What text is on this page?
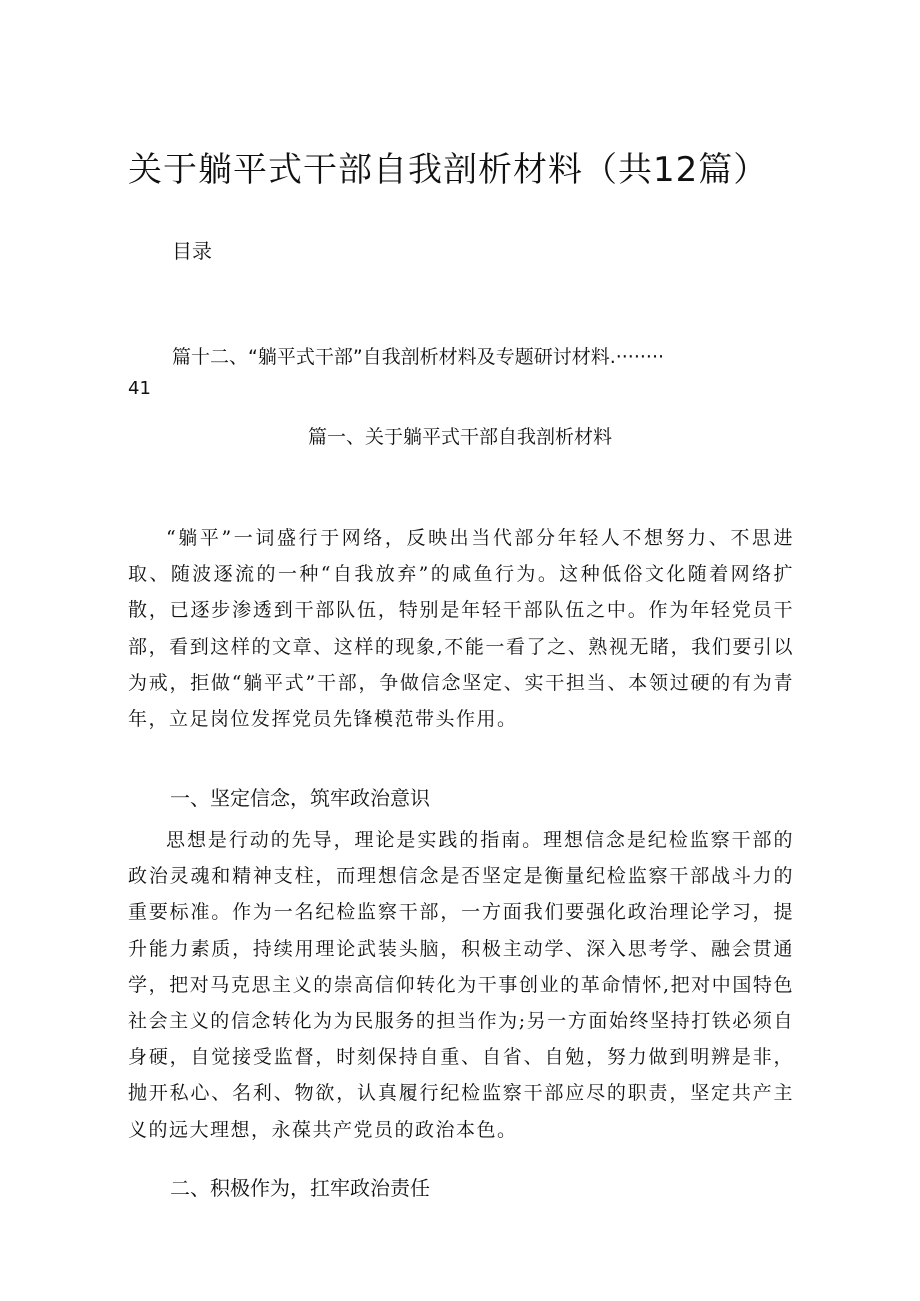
关于躺平式干部自我剖析材料（共12篇）
目录
篇十二、“躺平式干部”自我剖析材料及专题研讨材料.········
41
篇一、关于躺平式干部自我剖析材料
“躺平”一词盛行于网络，反映出当代部分年轻人不想努力、不思进取、随波逐流的一种“自我放弃”的咸鱼行为。这种低俗文化随着网络扩散，已逐步渗透到干部队伍，特别是年轻干部队伍之中。作为年轻党员干部，看到这样的文章、这样的现象,不能一看了之、熟视无睹，我们要引以为戒，拒做“躺平式”干部，争做信念坚定、实干担当、本领过硬的有为青年，立足岗位发挥党员先锋模范带头作用。
一、坚定信念，筑牢政治意识
思想是行动的先导，理论是实践的指南。理想信念是纪检监察干部的政治灵魂和精神支柱，而理想信念是否坚定是衡量纪检监察干部战斗力的重要标准。作为一名纪检监察干部，一方面我们要强化政治理论学习，提升能力素质，持续用理论武装头脑，积极主动学、深入思考学、融会贯通学，把对马克思主义的崇高信仰转化为干事创业的革命情怀,把对中国特色社会主义的信念转化为为民服务的担当作为;另一方面始终坚持打铁必须自身硬，自觉接受监督，时刻保持自重、自省、自勉，努力做到明辨是非，抛开私心、名利、物欲，认真履行纪检监察干部应尽的职责，坚定共产主义的远大理想，永葆共产党员的政治本色。
二、积极作为，扛牢政治责任
